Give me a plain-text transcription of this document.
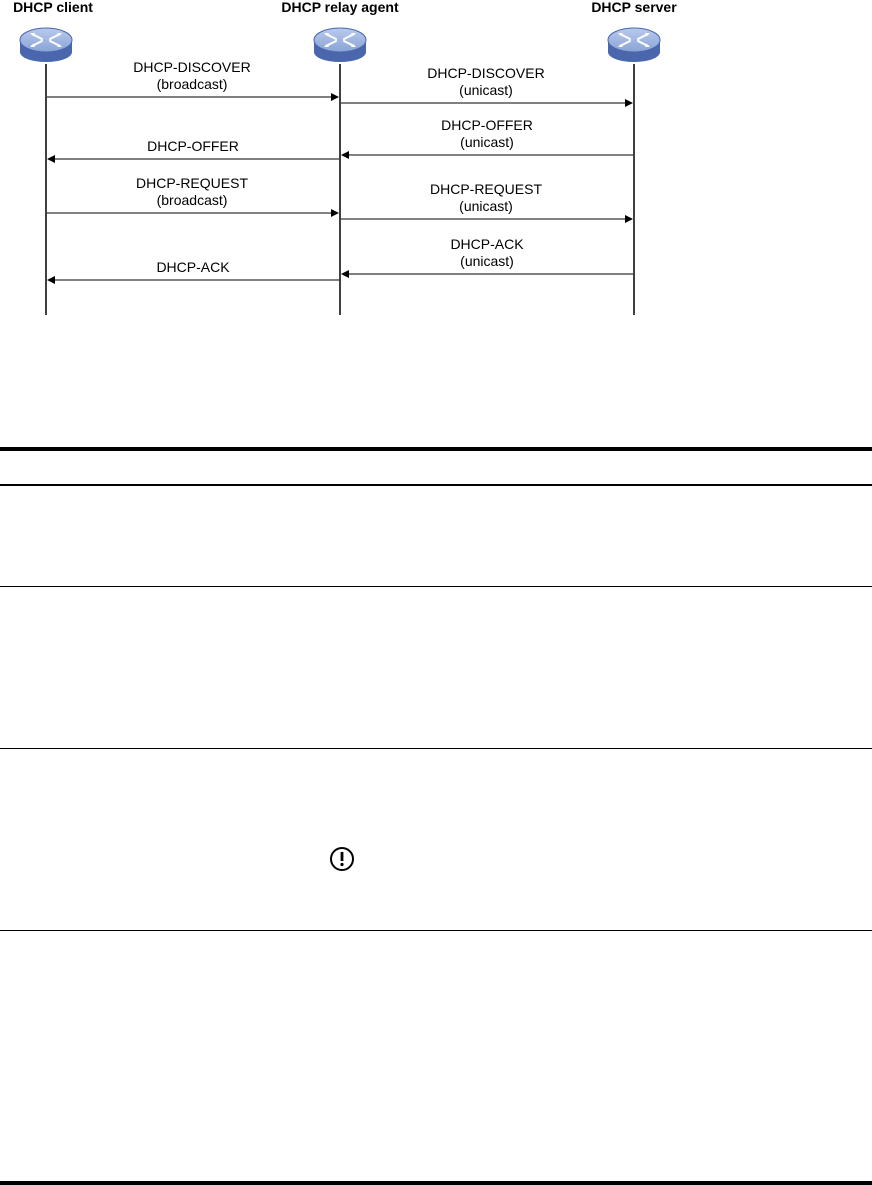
DHCP client	DHCP relay agent	DHCP server
DHCP-DISCOVER
(broadcast)
DHCP-DISCOVER
(unicast)
DHCP-OFFER
(unicast)
DHCP-OFFER
DHCP-REQUEST
(broadcast)
DHCP-REQUEST
(unicast)
DHCP-ACK
(unicast)
DHCP-ACK
